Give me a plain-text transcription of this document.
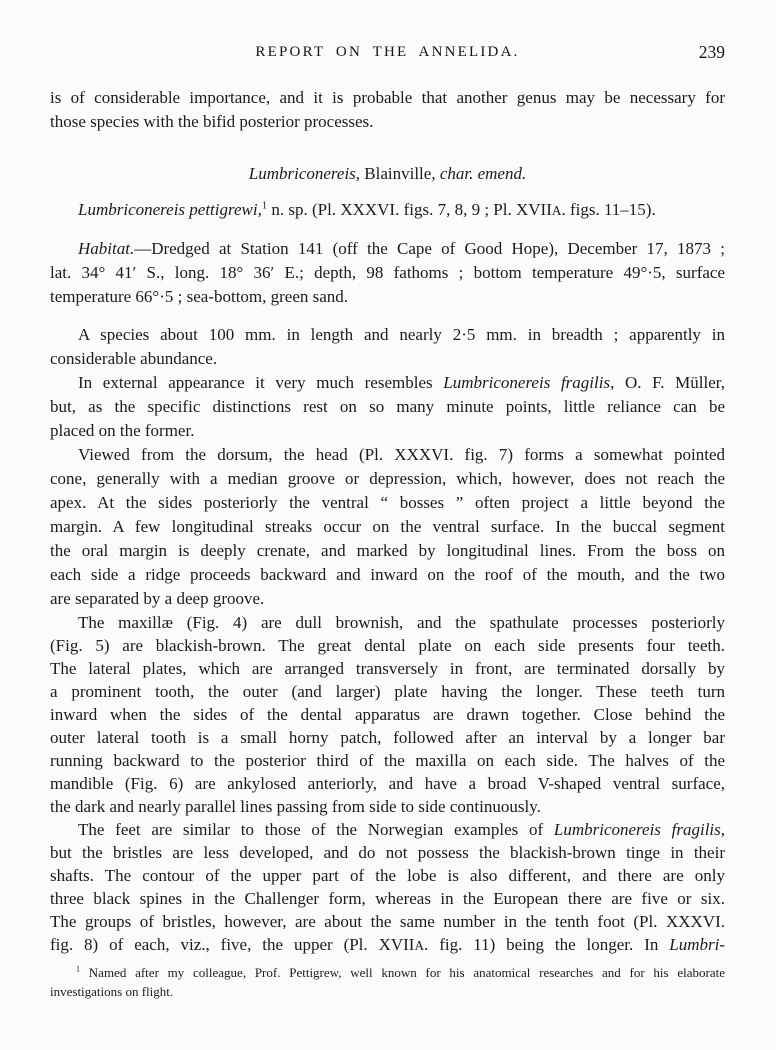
REPORT ON THE ANNELIDA.	239
is of considerable importance, and it is probable that another genus may be necessary for
those species with the bifid posterior processes.
Lumbriconereis, Blainville, char. emend.
Lumbriconereis pettigrewi,$^1$ n. sp. (Pl. XXXVI. figs. 7, 8, 9 ; Pl. XVIIA. figs. 11–15).
Habitat.—Dredged at Station 141 (off the Cape of Good Hope), December 17, 1873 ;
lat. 34° 41′ S., long. 18° 36′ E.; depth, 98 fathoms ; bottom temperature 49°·5, surface
temperature 66°·5 ; sea-bottom, green sand.
A species about 100 mm. in length and nearly 2·5 mm. in breadth ; apparently in
considerable abundance.
In external appearance it very much resembles Lumbriconereis fragilis, O. F. Müller,
but, as the specific distinctions rest on so many minute points, little reliance can be
placed on the former.
Viewed from the dorsum, the head (Pl. XXXVI. fig. 7) forms a somewhat pointed
cone, generally with a median groove or depression, which, however, does not reach the
apex. At the sides posteriorly the ventral “ bosses ” often project a little beyond the
margin. A few longitudinal streaks occur on the ventral surface. In the buccal segment
the oral margin is deeply crenate, and marked by longitudinal lines. From the boss on
each side a ridge proceeds backward and inward on the roof of the mouth, and the two
are separated by a deep groove.
The maxillæ (Fig. 4) are dull brownish, and the spathulate processes posteriorly
(Fig. 5) are blackish-brown. The great dental plate on each side presents four teeth.
The lateral plates, which are arranged transversely in front, are terminated dorsally by
a prominent tooth, the outer (and larger) plate having the longer. These teeth turn
inward when the sides of the dental apparatus are drawn together. Close behind the
outer lateral tooth is a small horny patch, followed after an interval by a longer bar
running backward to the posterior third of the maxilla on each side. The halves of the
mandible (Fig. 6) are ankylosed anteriorly, and have a broad V-shaped ventral surface,
the dark and nearly parallel lines passing from side to side continuously.
The feet are similar to those of the Norwegian examples of Lumbriconereis fragilis,
but the bristles are less developed, and do not possess the blackish-brown tinge in their
shafts. The contour of the upper part of the lobe is also different, and there are only
three black spines in the Challenger form, whereas in the European there are five or six.
The groups of bristles, however, are about the same number in the tenth foot (Pl. XXXVI.
fig. 8) of each, viz., five, the upper (Pl. XVIIA. fig. 11) being the longer. In Lumbri-
$^1$ Named after my colleague, Prof. Pettigrew, well known for his anatomical researches and for his elaborate
investigations on flight.
